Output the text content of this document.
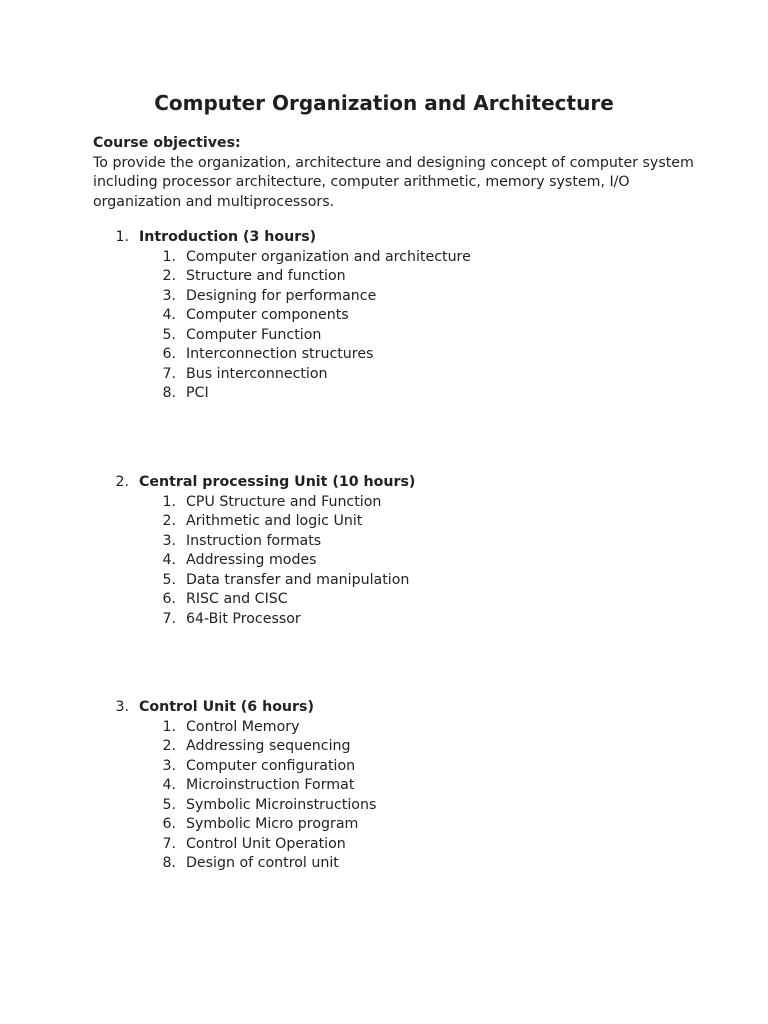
Computer Organization and Architecture
Course objectives:
To provide the organization, architecture and designing concept of computer system
including processor architecture, computer arithmetic, memory system, I/O
organization and multiprocessors.
1. Introduction (3 hours)
1. Computer organization and architecture
2. Structure and function
3. Designing for performance
4. Computer components
5. Computer Function
6. Interconnection structures
7. Bus interconnection
8. PCI
2. Central processing Unit (10 hours)
1. CPU Structure and Function
2. Arithmetic and logic Unit
3. Instruction formats
4. Addressing modes
5. Data transfer and manipulation
6. RISC and CISC
7. 64-Bit Processor
3. Control Unit (6 hours)
1. Control Memory
2. Addressing sequencing
3. Computer configuration
4. Microinstruction Format
5. Symbolic Microinstructions
6. Symbolic Micro program
7. Control Unit Operation
8. Design of control unit
